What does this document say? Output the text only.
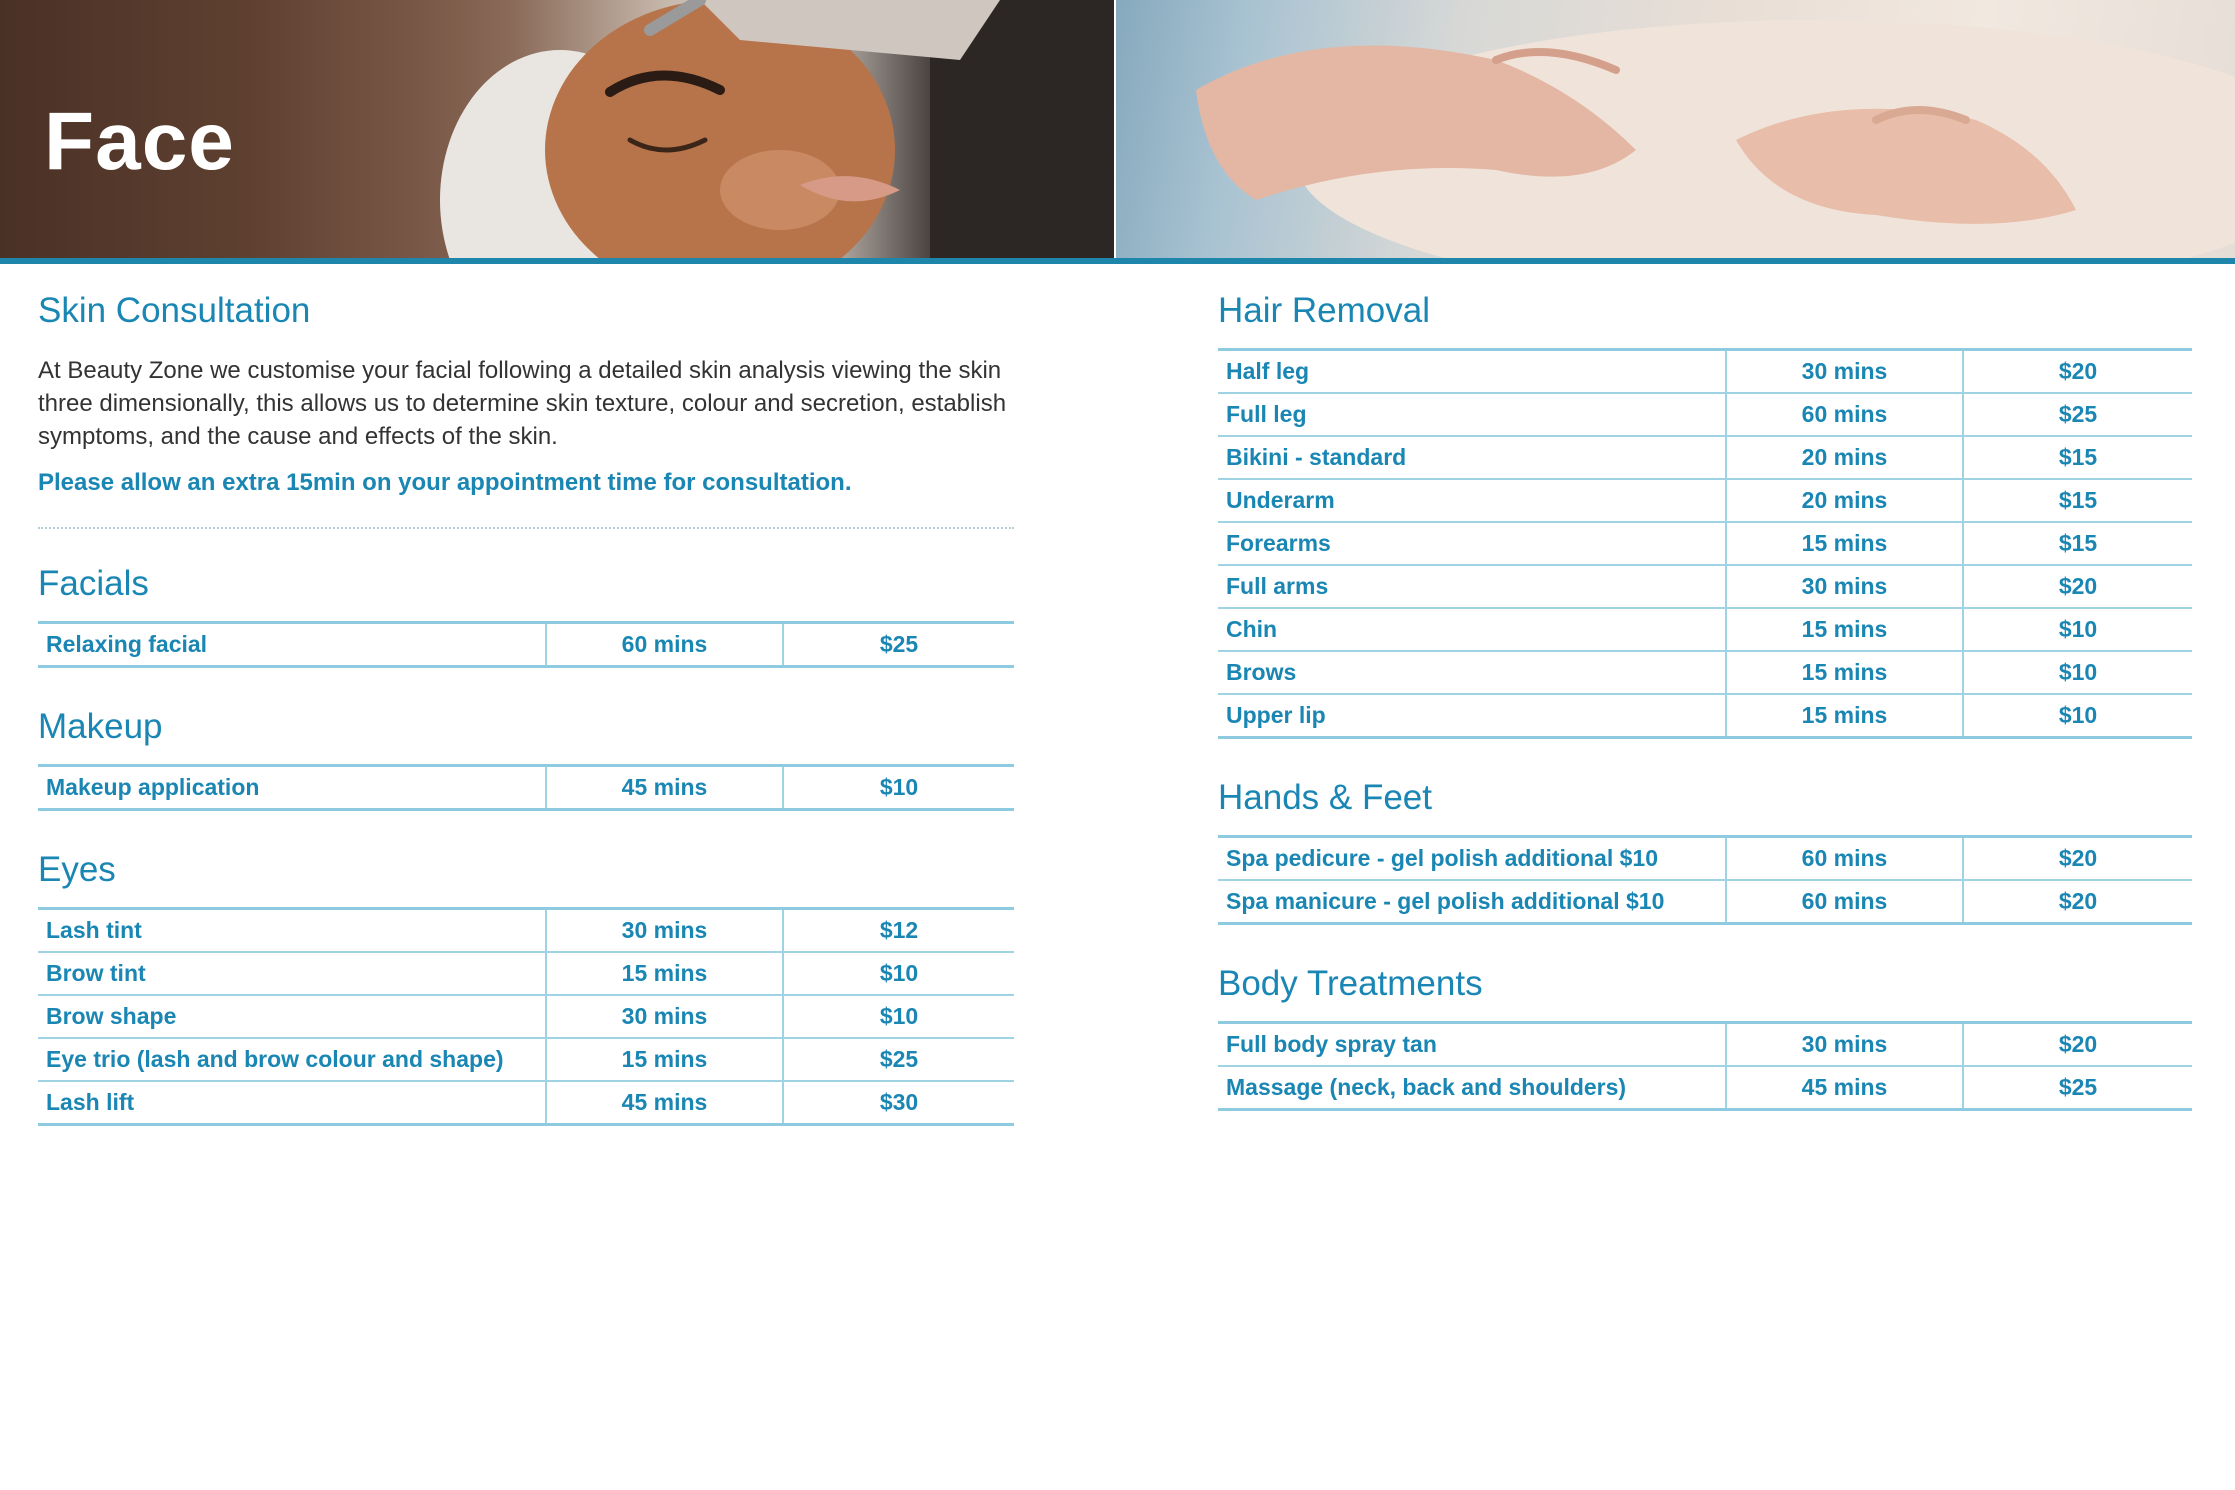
Face
Skin Consultation

At Beauty Zone we customise your facial following a detailed skin analysis viewing the skin three dimensionally, this allows us to determine skin texture, colour and secretion, establish symptoms, and the cause and effects of the skin.

Please allow an extra 15min on your appointment time for consultation.

Facials
Relaxing facial	60 mins	$25
Makeup
Makeup application	45 mins	$10
Eyes
Lash tint	30 mins	$12
Brow tint	15 mins	$10
Brow shape	30 mins	$10
Eye trio (lash and brow colour and shape)	15 mins	$25
Lash lift	45 mins	$30
Hair Removal
Half leg	30 mins	$20
Full leg	60 mins	$25
Bikini - standard	20 mins	$15
Underarm	20 mins	$15
Forearms	15 mins	$15
Full arms	30 mins	$20
Chin	15 mins	$10
Brows	15 mins	$10
Upper lip	15 mins	$10
Hands & Feet
Spa pedicure - gel polish additional $10	60 mins	$20
Spa manicure - gel polish additional $10	60 mins	$20
Body Treatments
Full body spray tan	30 mins	$20
Massage (neck, back and shoulders)	45 mins	$25
